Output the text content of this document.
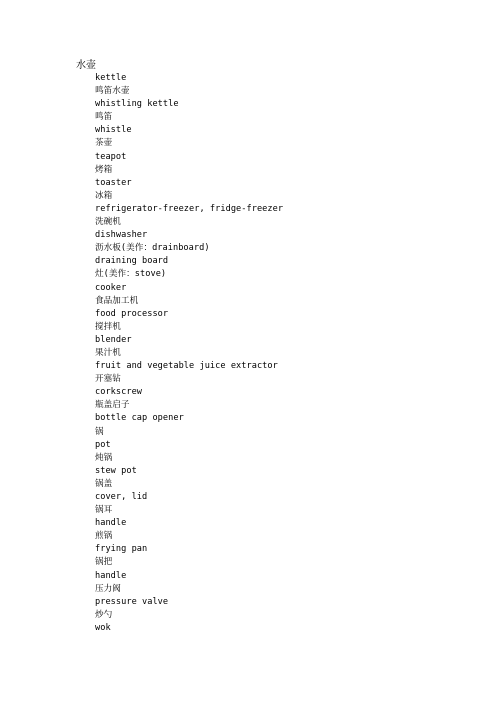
水壶
kettle
鸣笛水壶
whistling kettle
鸣笛
whistle
茶壶
teapot
烤箱
toaster
冰箱
refrigerator-freezer, fridge-freezer
洗碗机
dishwasher
沥水板(美作：drainboard)
draining board
灶(美作：stove)
cooker
食品加工机
food processor
搅拌机
blender
果汁机
fruit and vegetable juice extractor
开塞钻
corkscrew
瓶盖启子
bottle cap opener
锅
pot
炖锅
stew pot
锅盖
cover, lid
锅耳
handle
煎锅
frying pan
锅把
handle
压力阀
pressure valve
炒勺
wok
